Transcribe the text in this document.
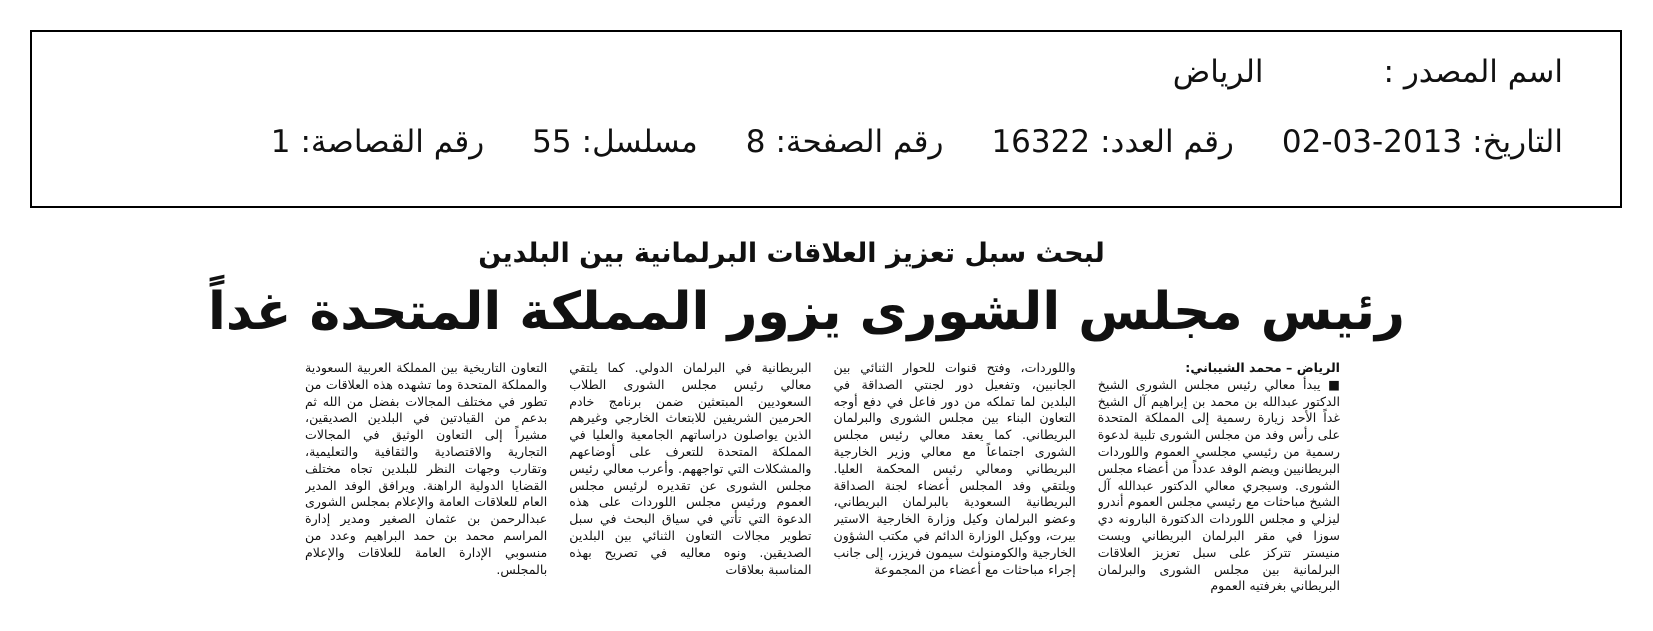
اسم المصدر :الرياض
التاريخ:2013-03-02رقم العدد:16322رقم الصفحة:8مسلسل:55رقم القصاصة:1
لبحث سبل تعزيز العلاقات البرلمانية بين البلدين
رئيس مجلس الشورى يزور المملكة المتحدة غداً

الرياض – محمد الشيباني:

■ يبدأ معالي رئيس مجلس الشورى الشيخ الدكتور عبدالله بن محمد بن إبراهيم آل الشيخ غداً الأحد زيارة رسمية إلى المملكة المتحدة على رأس وفد من مجلس الشورى تلبية لدعوة رسمية من رئيسي مجلسي العموم واللوردات البريطانيين ويضم الوفد عدداً من أعضاء مجلس الشورى. وسيجري معالي الدكتور عبدالله آل الشيخ مباحثات مع رئيسي مجلس العموم أندرو ليزلي و مجلس اللوردات الدكتورة البارونه دي سوزا في مقر البرلمان البريطاني ويست منيستر تتركز على سبل تعزيز العلاقات البرلمانية بين مجلس الشورى والبرلمان البريطاني بغرفتيه العموم

واللوردات، وفتح قنوات للحوار الثنائي بين الجانبين، وتفعيل دور لجنتي الصداقة في البلدين لما تملكه من دور فاعل في دفع أوجه التعاون البناء بين مجلس الشورى والبرلمان البريطاني. كما يعقد معالي رئيس مجلس الشورى اجتماعاً مع معالي وزير الخارجية البريطاني ومعالي رئيس المحكمة العليا. ويلتقي وفد المجلس أعضاء لجنة الصداقة البريطانية السعودية بالبرلمان البريطاني، وعضو البرلمان وكيل وزارة الخارجية الاستير بيرت، ووكيل الوزارة الدائم في مكتب الشؤون الخارجية والكومنولث سيمون فريزر، إلى جانب إجراء مباحثات مع أعضاء من المجموعة

البريطانية في البرلمان الدولي. كما يلتقي معالي رئيس مجلس الشورى الطلاب السعوديين المبتعثين ضمن برنامج خادم الحرمين الشريفين للابتعاث الخارجي وغيرهم الذين يواصلون دراساتهم الجامعية والعليا في المملكة المتحدة للتعرف على أوضاعهم والمشكلات التي تواجههم. وأعرب معالي رئيس مجلس الشورى عن تقديره لرئيس مجلس العموم ورئيس مجلس اللوردات على هذه الدعوة التي تأتي في سياق البحث في سبل تطوير مجالات التعاون الثنائي بين البلدين الصديقين. ونوه معاليه في تصريح بهذه المناسبة بعلاقات

التعاون التاريخية بين المملكة العربية السعودية والمملكة المتحدة وما تشهده هذه العلاقات من تطور في مختلف المجالات بفضل من الله ثم بدعم من القيادتين في البلدين الصديقين، مشيراً إلى التعاون الوثيق في المجالات التجارية والاقتصادية والثقافية والتعليمية، وتقارب وجهات النظر للبلدين تجاه مختلف القضايا الدولية الراهنة. ويرافق الوفد المدير العام للعلاقات العامة والإعلام بمجلس الشورى عبدالرحمن بن عثمان الصغير ومدير إدارة المراسم محمد بن حمد البراهيم وعدد من منسوبي الإدارة العامة للعلاقات والإعلام بالمجلس.
